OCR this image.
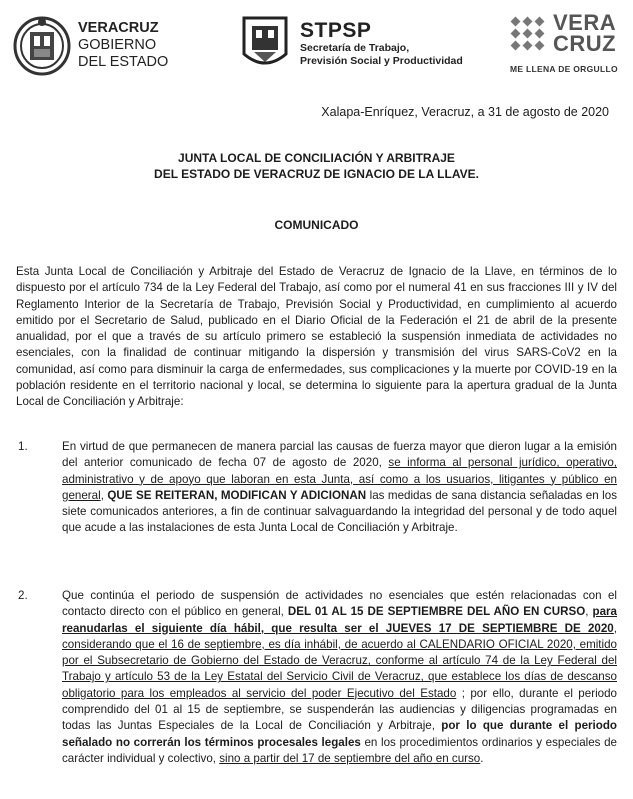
VERACRUZ
GOBIERNO
DEL ESTADO
STPSP
Secretaría de Trabajo,
Previsión Social y Productividad
VERA
CRUZ
ME LLENA DE ORGULLO
Xalapa-Enríquez, Veracruz, a 31 de agosto de 2020
JUNTA LOCAL DE CONCILIACIÓN Y ARBITRAJE
DEL ESTADO DE VERACRUZ DE IGNACIO DE LA LLAVE.
COMUNICADO
Esta Junta Local de Conciliación y Arbitraje del Estado de Veracruz de Ignacio de la Llave, en términos de lo dispuesto por el artículo 734 de la Ley Federal del Trabajo, así como por el numeral 41 en sus fracciones III y IV del Reglamento Interior de la Secretaría de Trabajo, Previsión Social y Productividad, en cumplimiento al acuerdo emitido por el Secretario de Salud, publicado en el Diario Oficial de la Federación el 21 de abril de la presente anualidad, por el que a través de su artículo primero se estableció la suspensión inmediata de actividades no esenciales, con la finalidad de continuar mitigando la dispersión y transmisión del virus SARS-CoV2 en la comunidad, así como para disminuir la carga de enfermedades, sus complicaciones y la muerte por COVID-19 en la población residente en el territorio nacional y local, se determina lo siguiente para la apertura gradual de la Junta Local de Conciliación y Arbitraje:
1.	En virtud de que permanecen de manera parcial las causas de fuerza mayor que dieron lugar a la emisión del anterior comunicado de fecha 07 de agosto de 2020, se informa al personal jurídico, operativo, administrativo y de apoyo que laboran en esta Junta, así como a los usuarios, litigantes y público en general, QUE SE REITERAN, MODIFICAN Y ADICIONAN las medidas de sana distancia señaladas en los siete comunicados anteriores, a fin de continuar salvaguardando la integridad del personal y de todo aquel que acude a las instalaciones de esta Junta Local de Conciliación y Arbitraje.
2.	Que continúa el periodo de suspensión de actividades no esenciales que estén relacionadas con el contacto directo con el público en general, DEL 01 AL 15 DE SEPTIEMBRE DEL AÑO EN CURSO, para reanudarlas el siguiente día hábil, que resulta ser el JUEVES 17 DE SEPTIEMBRE DE 2020, considerando que el 16 de septiembre, es día inhábil, de acuerdo al CALENDARIO OFICIAL 2020, emitido por el Subsecretario de Gobierno del Estado de Veracruz, conforme al artículo 74 de la Ley Federal del Trabajo y artículo 53 de la Ley Estatal del Servicio Civil de Veracruz, que establece los días de descanso obligatorio para los empleados al servicio del poder Ejecutivo del Estado ; por ello, durante el periodo comprendido del 01 al 15 de septiembre, se suspenderán las audiencias y diligencias programadas en todas las Juntas Especiales de la Local de Conciliación y Arbitraje, por lo que durante el periodo señalado no correrán los términos procesales legales en los procedimientos ordinarios y especiales de carácter individual y colectivo, sino a partir del 17 de septiembre del año en curso.
